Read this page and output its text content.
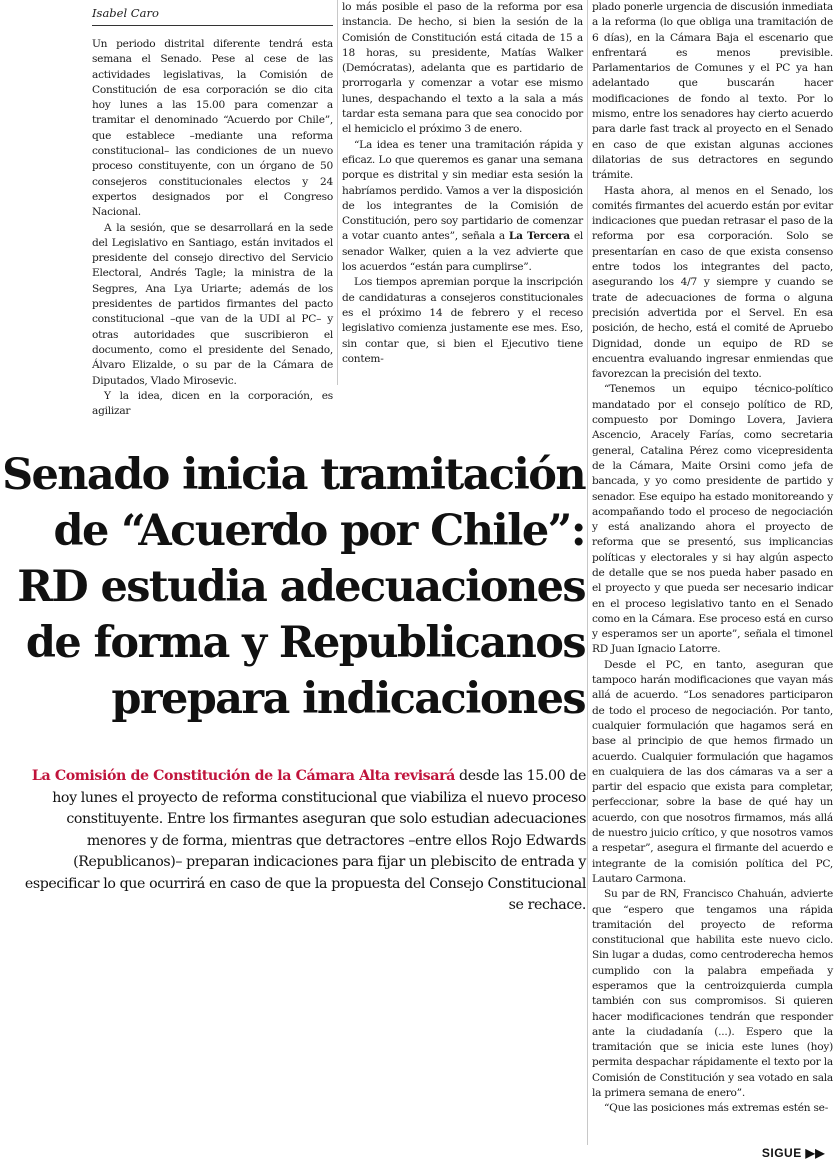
Isabel Caro

Un periodo distrital diferente tendrá esta semana el Senado. Pese al cese de las actividades legislativas, la Comisión de Constitución de esa corporación se dio cita hoy lunes a las 15.00 para comenzar a tramitar el denominado “Acuerdo por Chile”, que establece –mediante una reforma constitucional– las condiciones de un nuevo proceso constituyente, con un órgano de 50 consejeros constitucionales electos y 24 expertos designados por el Congreso Nacional.

A la sesión, que se desarrollará en la sede del Legislativo en Santiago, están invitados el presidente del consejo directivo del Servicio Electoral, Andrés Tagle; la ministra de la Segpres, Ana Lya Uriarte; además de los presidentes de partidos firmantes del pacto constitucional –que van de la UDI al PC– y otras autoridades que suscribieron el documento, como el presidente del Senado, Álvaro Elizalde, o su par de la Cámara de Diputados, Vlado Mirosevic.

Y la idea, dicen en la corporación, es agilizar

lo más posible el paso de la reforma por esa instancia. De hecho, si bien la sesión de la Comisión de Constitución está citada de 15 a 18 horas, su presidente, Matías Walker (Demócratas), adelanta que es partidario de prorrogarla y comenzar a votar ese mismo lunes, despachando el texto a la sala a más tardar esta semana para que sea conocido por el hemiciclo el próximo 3 de enero.

“La idea es tener una tramitación rápida y eficaz. Lo que queremos es ganar una semana porque es distrital y sin mediar esta sesión la habríamos perdido. Vamos a ver la disposición de los integrantes de la Comisión de Constitución, pero soy partidario de comenzar a votar cuanto antes”, señala a La Tercera el senador Walker, quien a la vez advierte que los acuerdos “están para cumplirse”.

Los tiempos apremian porque la inscripción de candidaturas a consejeros constitucionales es el próximo 14 de febrero y el receso legislativo comienza justamente ese mes. Eso, sin contar que, si bien el Ejecutivo tiene contem-

plado ponerle urgencia de discusión inmediata a la reforma (lo que obliga una tramitación de 6 días), en la Cámara Baja el escenario que enfrentará es menos previsible. Parlamentarios de Comunes y el PC ya han adelantado que buscarán hacer modificaciones de fondo al texto. Por lo mismo, entre los senadores hay cierto acuerdo para darle fast track al proyecto en el Senado en caso de que existan algunas acciones dilatorias de sus detractores en segundo trámite.

Hasta ahora, al menos en el Senado, los comités firmantes del acuerdo están por evitar indicaciones que puedan retrasar el paso de la reforma por esa corporación. Solo se presentarían en caso de que exista consenso entre todos los integrantes del pacto, asegurando los 4/7 y siempre y cuando se trate de adecuaciones de forma o alguna precisión advertida por el Servel. En esa posición, de hecho, está el comité de Apruebo Dignidad, donde un equipo de RD se encuentra evaluando ingresar enmiendas que favorezcan la precisión del texto.

“Tenemos un equipo técnico-político mandatado por el consejo político de RD, compuesto por Domingo Lovera, Javiera Ascencio, Aracely Farías, como secretaria general, Catalina Pérez como vicepresidenta de la Cámara, Maite Orsini como jefa de bancada, y yo como presidente de partido y senador. Ese equipo ha estado monitoreando y acompañando todo el proceso de negociación y está analizando ahora el proyecto de reforma que se presentó, sus implicancias políticas y electorales y si hay algún aspecto de detalle que se nos pueda haber pasado en el proyecto y que pueda ser necesario indicar en el proceso legislativo tanto en el Senado como en la Cámara. Ese proceso está en curso y esperamos ser un aporte”, señala el timonel RD Juan Ignacio Latorre.

Desde el PC, en tanto, aseguran que tampoco harán modificaciones que vayan más allá de acuerdo. “Los senadores participaron de todo el proceso de negociación. Por tanto, cualquier formulación que hagamos será en base al principio de que hemos firmado un acuerdo. Cualquier formulación que hagamos en cualquiera de las dos cámaras va a ser a partir del espacio que exista para completar, perfeccionar, sobre la base de qué hay un acuerdo, con que nosotros firmamos, más allá de nuestro juicio crítico, y que nosotros vamos a respetar”, asegura el firmante del acuerdo e integrante de la comisión política del PC, Lautaro Carmona.

Su par de RN, Francisco Chahuán, advierte que “espero que tengamos una rápida tramitación del proyecto de reforma constitucional que habilita este nuevo ciclo. Sin lugar a dudas, como centroderecha hemos cumplido con la palabra empeñada y esperamos que la centroizquierda cumpla también con sus compromisos. Si quieren hacer modificaciones tendrán que responder ante la ciudadanía (...). Espero que la tramitación que se inicia este lunes (hoy) permita despachar rápidamente el texto por la Comisión de Constitución y sea votado en sala la primera semana de enero”.

“Que las posiciones más extremas estén se-

Senado inicia tramitación de “Acuerdo por Chile”: RD estudia adecuaciones de forma y Republicanos prepara indicaciones
La Comisión de Constitución de la Cámara Alta revisará desde las 15.00 de hoy lunes el proyecto de reforma constitucional que viabiliza el nuevo proceso constituyente. Entre los firmantes aseguran que solo estudian adecuaciones menores y de forma, mientras que detractores –entre ellos Rojo Edwards (Republicanos)– preparan indicaciones para fijar un plebiscito de entrada y especificar lo que ocurrirá en caso de que la propuesta del Consejo Constitucional se rechace.
SIGUE ▶▶
